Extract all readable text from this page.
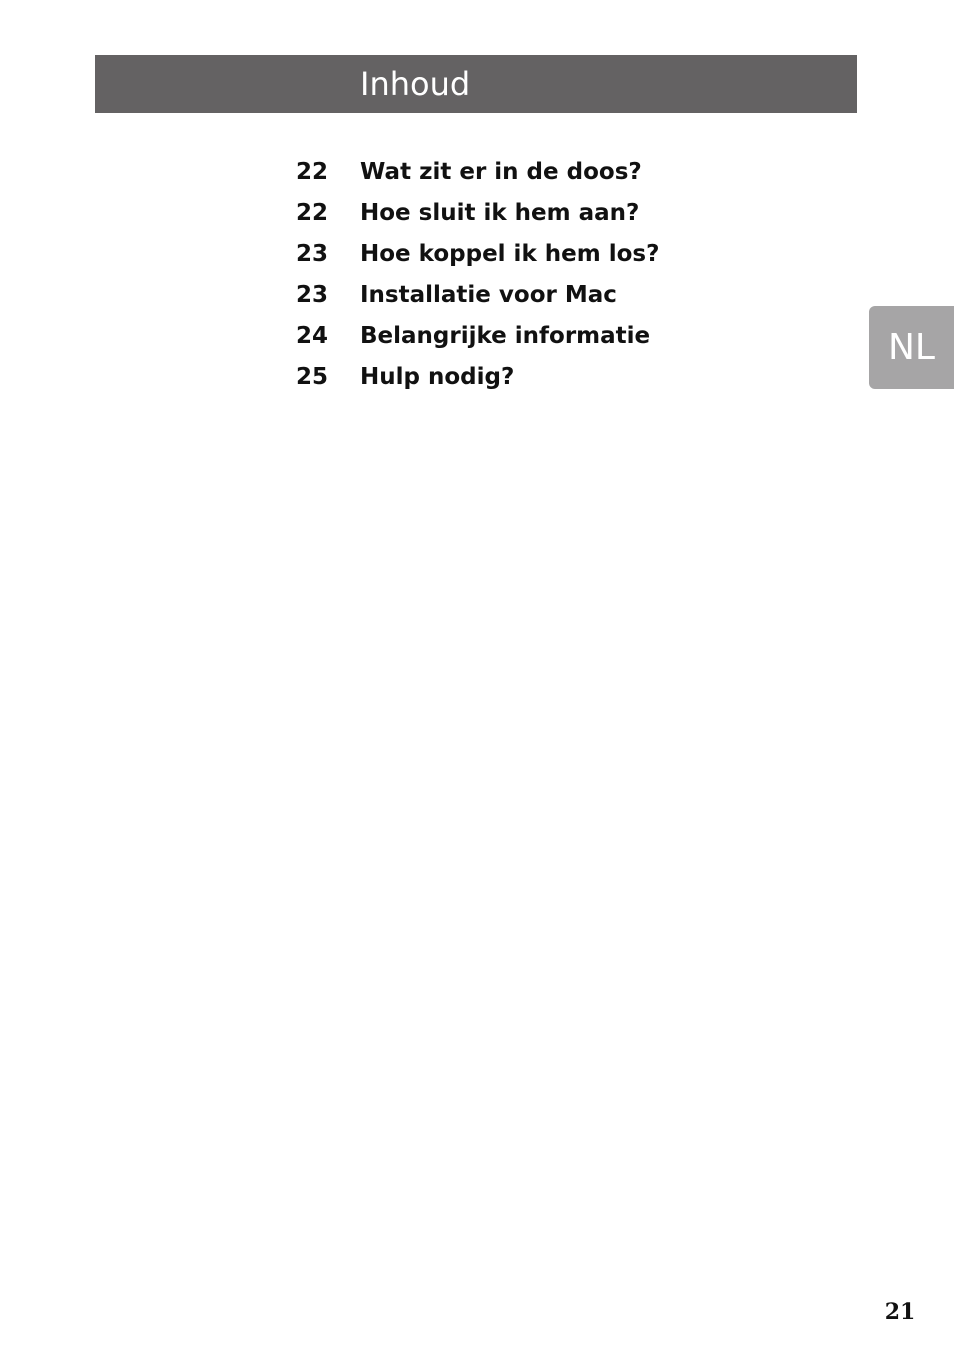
Inhoud
22	Wat zit er in de doos?
22	Hoe sluit ik hem aan?
23	Hoe koppel ik hem los?
23	Installatie voor Mac
24	Belangrijke informatie
25	Hulp nodig?
NL
21
